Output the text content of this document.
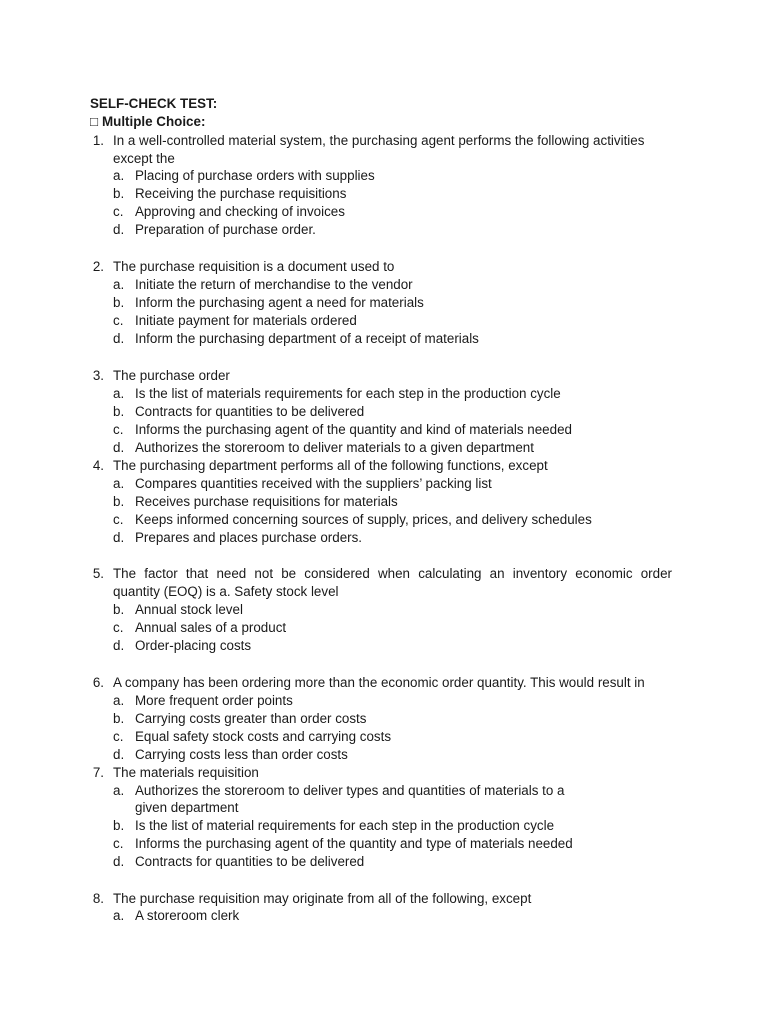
SELF-CHECK TEST:
□ Multiple Choice:
1. In a well-controlled material system, the purchasing agent performs the following activities
except the
a. Placing of purchase orders with supplies
b. Receiving the purchase requisitions
c. Approving and checking of invoices
d. Preparation of purchase order.
2. The purchase requisition is a document used to
a. Initiate the return of merchandise to the vendor
b. Inform the purchasing agent a need for materials
c. Initiate payment for materials ordered
d. Inform the purchasing department of a receipt of materials
3. The purchase order
a. Is the list of materials requirements for each step in the production cycle
b. Contracts for quantities to be delivered
c. Informs the purchasing agent of the quantity and kind of materials needed
d. Authorizes the storeroom to deliver materials to a given department
4. The purchasing department performs all of the following functions, except
a. Compares quantities received with the suppliers’ packing list
b. Receives purchase requisitions for materials
c. Keeps informed concerning sources of supply, prices, and delivery schedules
d. Prepares and places purchase orders.
5. The factor that need not be considered when calculating an inventory economic order
quantity (EOQ) is a. Safety stock level
b. Annual stock level
c. Annual sales of a product
d. Order-placing costs
6. A company has been ordering more than the economic order quantity. This would result in
a. More frequent order points
b. Carrying costs greater than order costs
c. Equal safety stock costs and carrying costs
d. Carrying costs less than order costs
7. The materials requisition
a. Authorizes the storeroom to deliver types and quantities of materials to a
given department
b. Is the list of material requirements for each step in the production cycle
c. Informs the purchasing agent of the quantity and type of materials needed
d. Contracts for quantities to be delivered
8. The purchase requisition may originate from all of the following, except
a. A storeroom clerk
